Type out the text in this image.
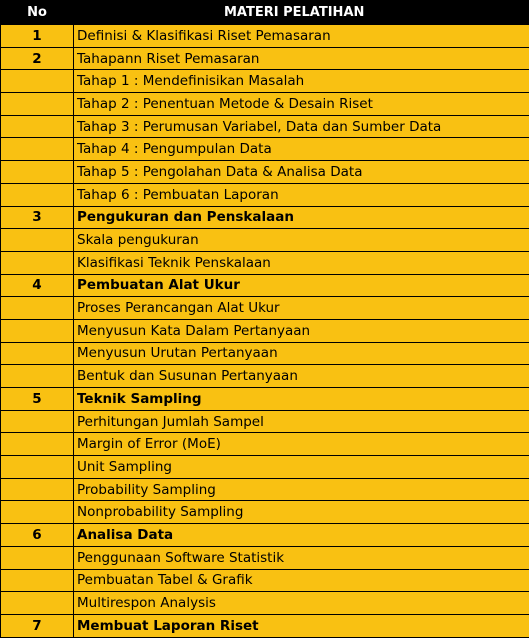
No	MATERI PELATIHAN
1	Definisi & Klasifikasi Riset Pemasaran
2	Tahapann Riset Pemasaran
	Tahap 1 : Mendefinisikan Masalah
	Tahap 2 : Penentuan Metode & Desain Riset
	Tahap 3 : Perumusan Variabel, Data dan Sumber Data
	Tahap 4 : Pengumpulan Data
	Tahap 5 : Pengolahan Data & Analisa Data
	Tahap 6 : Pembuatan Laporan
3	Pengukuran dan Penskalaan
	Skala pengukuran
	Klasifikasi Teknik Penskalaan
4	Pembuatan Alat Ukur
	Proses Perancangan Alat Ukur
	Menyusun Kata Dalam Pertanyaan
	Menyusun Urutan Pertanyaan
	Bentuk dan Susunan Pertanyaan
5	Teknik Sampling
	Perhitungan Jumlah Sampel
	Margin of Error (MoE)
	Unit Sampling
	Probability Sampling
	Nonprobability Sampling
6	Analisa Data
	Penggunaan Software Statistik
	Pembuatan Tabel & Grafik
	Multirespon Analysis
7	Membuat Laporan Riset
